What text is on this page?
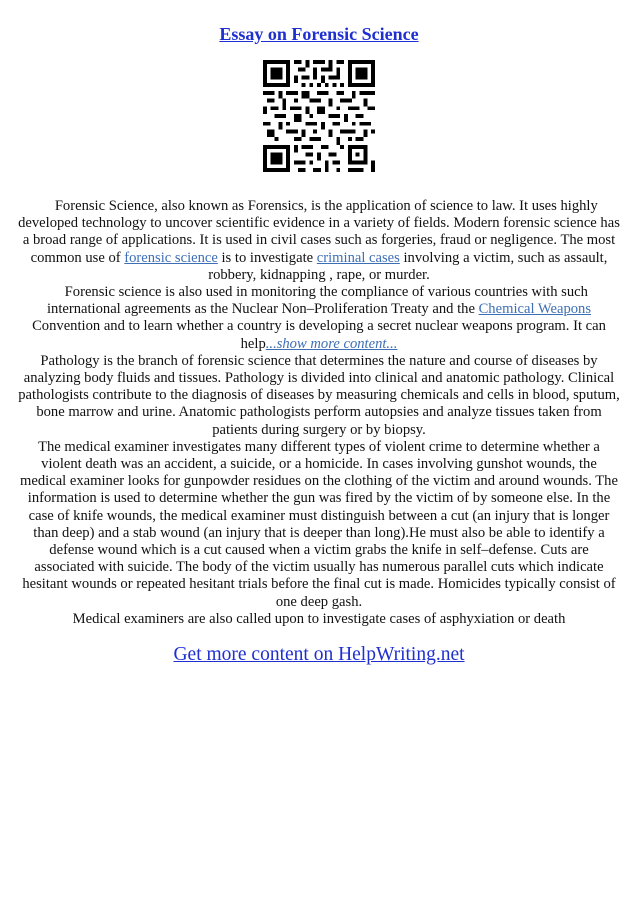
Essay on Forensic Science

 Forensic Science, also known as Forensics, is the application of science to law. It uses highly developed technology to uncover scientific evidence in a variety of fields. Modern forensic science has a broad range of applications. It is used in civil cases such as forgeries, fraud or negligence. The most common use of forensic science is to investigate criminal cases involving a victim, such as assault, robbery, kidnapping , rape, or murder.

 Forensic science is also used in monitoring the compliance of various countries with such international agreements as the Nuclear Non–Proliferation Treaty and the Chemical Weapons Convention and to learn whether a country is developing a secret nuclear weapons program. It can help...show more content...

Pathology is the branch of forensic science that determines the nature and course of diseases by analyzing body fluids and tissues. Pathology is divided into clinical and anatomic pathology. Clinical pathologists contribute to the diagnosis of diseases by measuring chemicals and cells in blood, sputum, bone marrow and urine. Anatomic pathologists perform autopsies and analyze tissues taken from patients during surgery or by biopsy.

The medical examiner investigates many different types of violent crime to determine whether a violent death was an accident, a suicide, or a homicide. In cases involving gunshot wounds, the medical examiner looks for gunpowder residues on the clothing of the victim and around wounds. The information is used to determine whether the gun was fired by the victim of by someone else. In the case of knife wounds, the medical examiner must distinguish between a cut (an injury that is longer than deep) and a stab wound (an injury that is deeper than long).He must also be able to identify a defense wound which is a cut caused when a victim grabs the knife in self–defense. Cuts are associated with suicide. The body of the victim usually has numerous parallel cuts which indicate hesitant wounds or repeated hesitant trials before the final cut is made. Homicides typically consist of one deep gash.

Medical examiners are also called upon to investigate cases of asphyxiation or death

Get more content on HelpWriting.net
